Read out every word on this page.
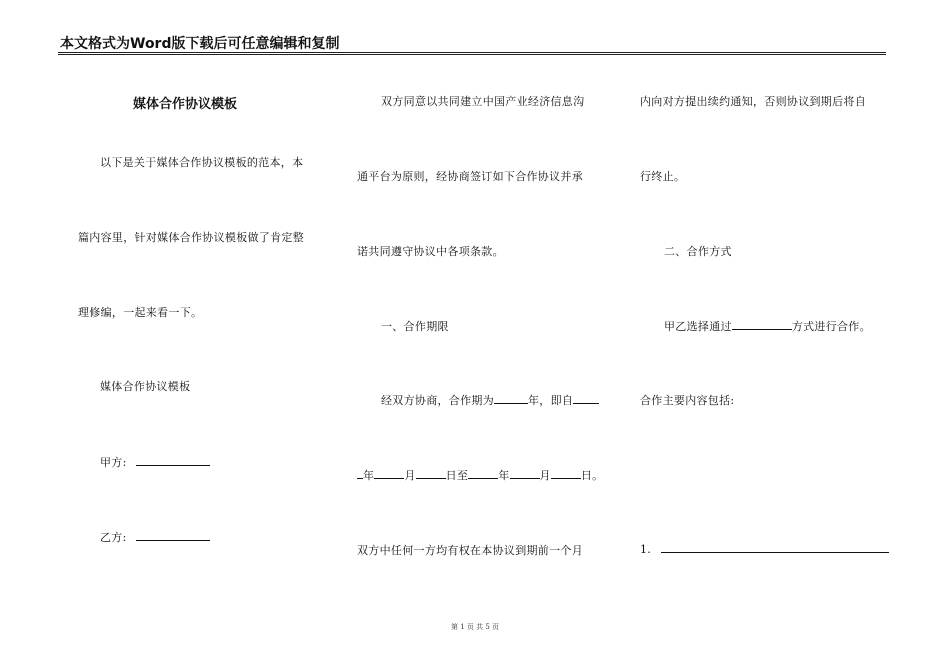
本文格式为Word版下载后可任意编辑和复制
媒体合作协议模板
以下是关于媒体合作协议模板的范本，本
篇内容里，针对媒体合作协议模板做了肯定整
理修编，一起来看一下。
媒体合作协议模板
甲方:
乙方:
双方同意以共同建立中国产业经济信息沟
通平台为原则，经协商签订如下合作协议并承
诺共同遵守协议中各项条款。
一、合作期限
经双方协商，合作期为	年，即自
年	月	日至	年	月	日。
双方中任何一方均有权在本协议到期前一个月
内向对方提出续约通知，否则协议到期后将自
行终止。
二、合作方式
甲乙选择通过	方式进行合作。
合作主要内容包括:
1.
第 1 页 共 5 页
